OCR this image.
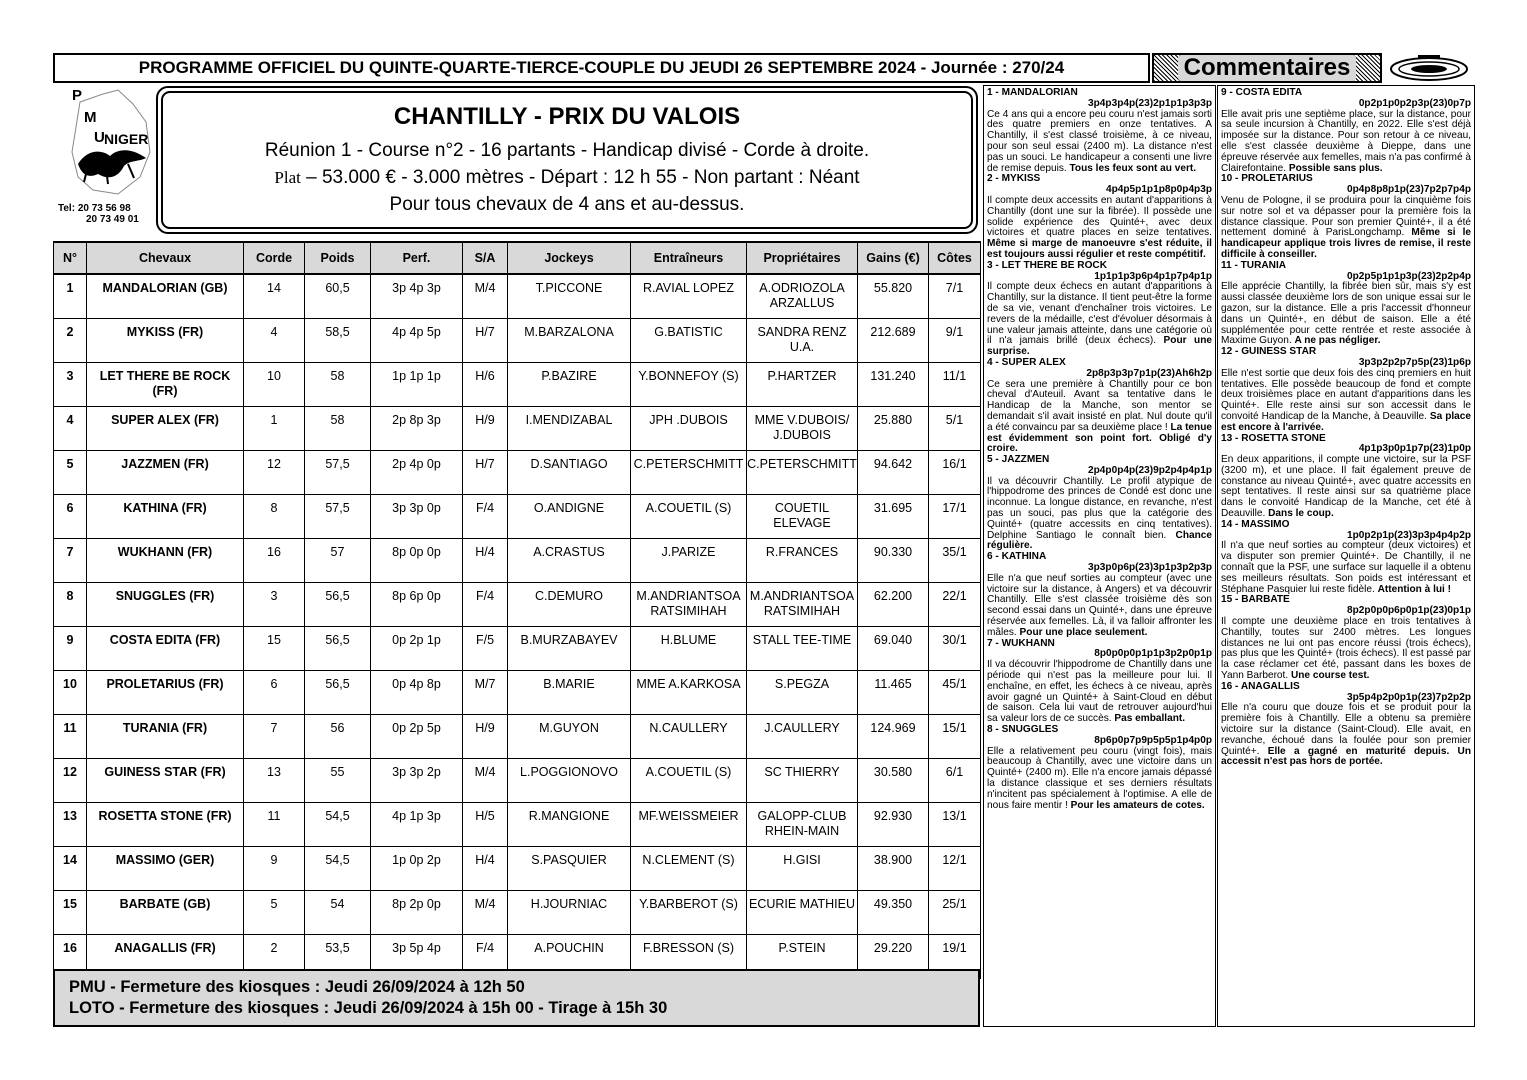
PROGRAMME OFFICIEL DU QUINTE-QUARTE-TIERCE-COUPLE DU JEUDI 26 SEPTEMBRE 2024 - Journée : 270/24	Commentaires
P
M
U NIGER
Tel: 20 73 56 98
20 73 49 01
CHANTILLY - PRIX DU VALOIS
Réunion 1 - Course n°2 - 16 partants - Handicap divisé - Corde à droite.
Plat – 53.000 € - 3.000 mètres - Départ : 12 h 55 - Non partant : Néant
Pour tous chevaux de 4 ans et au-dessus.
N°	Chevaux	Corde	Poids	Perf.	S/A	Jockeys	Entraîneurs	Propriétaires	Gains (€)	Côtes
1	MANDALORIAN (GB)	14	60,5	3p 4p 3p	M/4	T.PICCONE	R.AVIAL LOPEZ	A.ODRIOZOLA ARZALLUS	55.820	7/1
2	MYKISS (FR)	4	58,5	4p 4p 5p	H/7	M.BARZALONA	G.BATISTIC	SANDRA RENZ U.A.	212.689	9/1
3	LET THERE BE ROCK (FR)	10	58	1p 1p 1p	H/6	P.BAZIRE	Y.BONNEFOY (S)	P.HARTZER	131.240	11/1
4	SUPER ALEX (FR)	1	58	2p 8p 3p	H/9	I.MENDIZABAL	JPH .DUBOIS	MME V.DUBOIS/ J.DUBOIS	25.880	5/1
5	JAZZMEN (FR)	12	57,5	2p 4p 0p	H/7	D.SANTIAGO	C.PETERSCHMITT	C.PETERSCHMITT	94.642	16/1
6	KATHINA (FR)	8	57,5	3p 3p 0p	F/4	O.ANDIGNE	A.COUETIL (S)	COUETIL ELEVAGE	31.695	17/1
7	WUKHANN (FR)	16	57	8p 0p 0p	H/4	A.CRASTUS	J.PARIZE	R.FRANCES	90.330	35/1
8	SNUGGLES (FR)	3	56,5	8p 6p 0p	F/4	C.DEMURO	M.ANDRIANTSOA RATSIMIHAH	M.ANDRIANTSOA RATSIMIHAH	62.200	22/1
9	COSTA EDITA (FR)	15	56,5	0p 2p 1p	F/5	B.MURZABAYEV	H.BLUME	STALL TEE-TIME	69.040	30/1
10	PROLETARIUS (FR)	6	56,5	0p 4p 8p	M/7	B.MARIE	MME A.KARKOSA	S.PEGZA	11.465	45/1
11	TURANIA (FR)	7	56	0p 2p 5p	H/9	M.GUYON	N.CAULLERY	J.CAULLERY	124.969	15/1
12	GUINESS STAR (FR)	13	55	3p 3p 2p	M/4	L.POGGIONOVO	A.COUETIL (S)	SC THIERRY	30.580	6/1
13	ROSETTA STONE (FR)	11	54,5	4p 1p 3p	H/5	R.MANGIONE	MF.WEISSMEIER	GALOPP-CLUB RHEIN-MAIN	92.930	13/1
14	MASSIMO (GER)	9	54,5	1p 0p 2p	H/4	S.PASQUIER	N.CLEMENT (S)	H.GISI	38.900	12/1
15	BARBATE (GB)	5	54	8p 2p 0p	M/4	H.JOURNIAC	Y.BARBEROT (S)	ECURIE MATHIEU	49.350	25/1
16	ANAGALLIS (FR)	2	53,5	3p 5p 4p	F/4	A.POUCHIN	F.BRESSON (S)	P.STEIN	29.220	19/1
PMU - Fermeture des kiosques : Jeudi 26/09/2024 à 12h 50
LOTO - Fermeture des kiosques : Jeudi 26/09/2024 à 15h 00 - Tirage à 15h 30
1 - MANDALORIAN
3p4p3p4p(23)2p1p1p3p3p
Ce 4 ans qui a encore peu couru n'est jamais sorti des quatre premiers en onze tentatives. A Chantilly, il s'est classé troisième, à ce niveau, pour son seul essai (2400 m). La distance n'est pas un souci. Le handicapeur a consenti une livre de remise depuis. Tous les feux sont au vert.
2 - MYKISS
4p4p5p1p1p8p0p4p3p
Il compte deux accessits en autant d'apparitions à Chantilly (dont une sur la fibrée). Il possède une solide expérience des Quinté+, avec deux victoires et quatre places en seize tentatives. Même si marge de manoeuvre s'est réduite, il est toujours aussi régulier et reste compétitif.
3 - LET THERE BE ROCK
1p1p1p3p6p4p1p7p4p1p
Il compte deux échecs en autant d'apparitions à Chantilly, sur la distance. Il tient peut-être la forme de sa vie, venant d'enchaîner trois victoires. Le revers de la médaille, c'est d'évoluer désormais à une valeur jamais atteinte, dans une catégorie où il n'a jamais brillé (deux échecs). Pour une surprise.
4 - SUPER ALEX
2p8p3p3p7p1p(23)Ah6h2p
Ce sera une première à Chantilly pour ce bon cheval d'Auteuil. Avant sa tentative dans le Handicap de la Manche, son mentor se demandait s'il avait insisté en plat. Nul doute qu'il a été convaincu par sa deuxième place ! La tenue est évidemment son point fort. Obligé d'y croire.
5 - JAZZMEN
2p4p0p4p(23)9p2p4p4p1p
Il va découvrir Chantilly. Le profil atypique de l'hippodrome des princes de Condé est donc une inconnue. La longue distance, en revanche, n'est pas un souci, pas plus que la catégorie des Quinté+ (quatre accessits en cinq tentatives). Delphine Santiago le connaît bien. Chance régulière.
6 - KATHINA
3p3p0p6p(23)3p1p3p2p3p
Elle n'a que neuf sorties au compteur (avec une victoire sur la distance, à Angers) et va découvrir Chantilly. Elle s'est classée troisième dès son second essai dans un Quinté+, dans une épreuve réservée aux femelles. Là, il va falloir affronter les mâles. Pour une place seulement.
7 - WUKHANN
8p0p0p0p1p1p3p2p0p1p
Il va découvrir l'hippodrome de Chantilly dans une période qui n'est pas la meilleure pour lui. Il enchaîne, en effet, les échecs à ce niveau, après avoir gagné un Quinté+ à Saint-Cloud en début de saison. Cela lui vaut de retrouver aujourd'hui sa valeur lors de ce succès. Pas emballant.
8 - SNUGGLES
8p6p0p7p9p5p5p1p4p0p
Elle a relativement peu couru (vingt fois), mais beaucoup à Chantilly, avec une victoire dans un Quinté+ (2400 m). Elle n'a encore jamais dépassé la distance classique et ses derniers résultats n'incitent pas spécialement à l'optimise. A elle de nous faire mentir ! Pour les amateurs de cotes.
9 - COSTA EDITA
0p2p1p0p2p3p(23)0p7p
Elle avait pris une septième place, sur la distance, pour sa seule incursion à Chantilly, en 2022. Elle s'est déjà imposée sur la distance. Pour son retour à ce niveau, elle s'est classée deuxième à Dieppe, dans une épreuve réservée aux femelles, mais n'a pas confirmé à Clairefontaine. Possible sans plus.
10 - PROLETARIUS
0p4p8p8p1p(23)7p2p7p4p
Venu de Pologne, il se produira pour la cinquième fois sur notre sol et va dépasser pour la première fois la distance classique. Pour son premier Quinté+, il a été nettement dominé à ParisLongchamp. Même si le handicapeur applique trois livres de remise, il reste difficile à conseiller.
11 - TURANIA
0p2p5p1p1p3p(23)2p2p4p
Elle apprécie Chantilly, la fibrée bien sûr, mais s'y est aussi classée deuxième lors de son unique essai sur le gazon, sur la distance. Elle a pris l'accessit d'honneur dans un Quinté+, en début de saison. Elle a été supplémentée pour cette rentrée et reste associée à Maxime Guyon. A ne pas négliger.
12 - GUINESS STAR
3p3p2p2p7p5p(23)1p6p
Elle n'est sortie que deux fois des cinq premiers en huit tentatives. Elle possède beaucoup de fond et compte deux troisièmes place en autant d'apparitions dans les Quinté+. Elle reste ainsi sur son accessit dans le convoité Handicap de la Manche, à Deauville. Sa place est encore à l'arrivée.
13 - ROSETTA STONE
4p1p3p0p1p7p(23)1p0p
En deux apparitions, il compte une victoire, sur la PSF (3200 m), et une place. Il fait également preuve de constance au niveau Quinté+, avec quatre accessits en sept tentatives. Il reste ainsi sur sa quatrième place dans le convoité Handicap de la Manche, cet été à Deauville. Dans le coup.
14 - MASSIMO
1p0p2p1p(23)3p3p4p4p2p
Il n'a que neuf sorties au compteur (deux victoires) et va disputer son premier Quinté+. De Chantilly, il ne connaît que la PSF, une surface sur laquelle il a obtenu ses meilleurs résultats. Son poids est intéressant et Stéphane Pasquier lui reste fidèle. Attention à lui !
15 - BARBATE
8p2p0p0p6p0p1p(23)0p1p
Il compte une deuxième place en trois tentatives à Chantilly, toutes sur 2400 mètres. Les longues distances ne lui ont pas encore réussi (trois échecs), pas plus que les Quinté+ (trois échecs). Il est passé par la case réclamer cet été, passant dans les boxes de Yann Barberot. Une course test.
16 - ANAGALLIS
3p5p4p2p0p1p(23)7p2p2p
Elle n'a couru que douze fois et se produit pour la première fois à Chantilly. Elle a obtenu sa première victoire sur la distance (Saint-Cloud). Elle avait, en revanche, échoué dans la foulée pour son premier Quinté+. Elle a gagné en maturité depuis. Un accessit n'est pas hors de portée.
